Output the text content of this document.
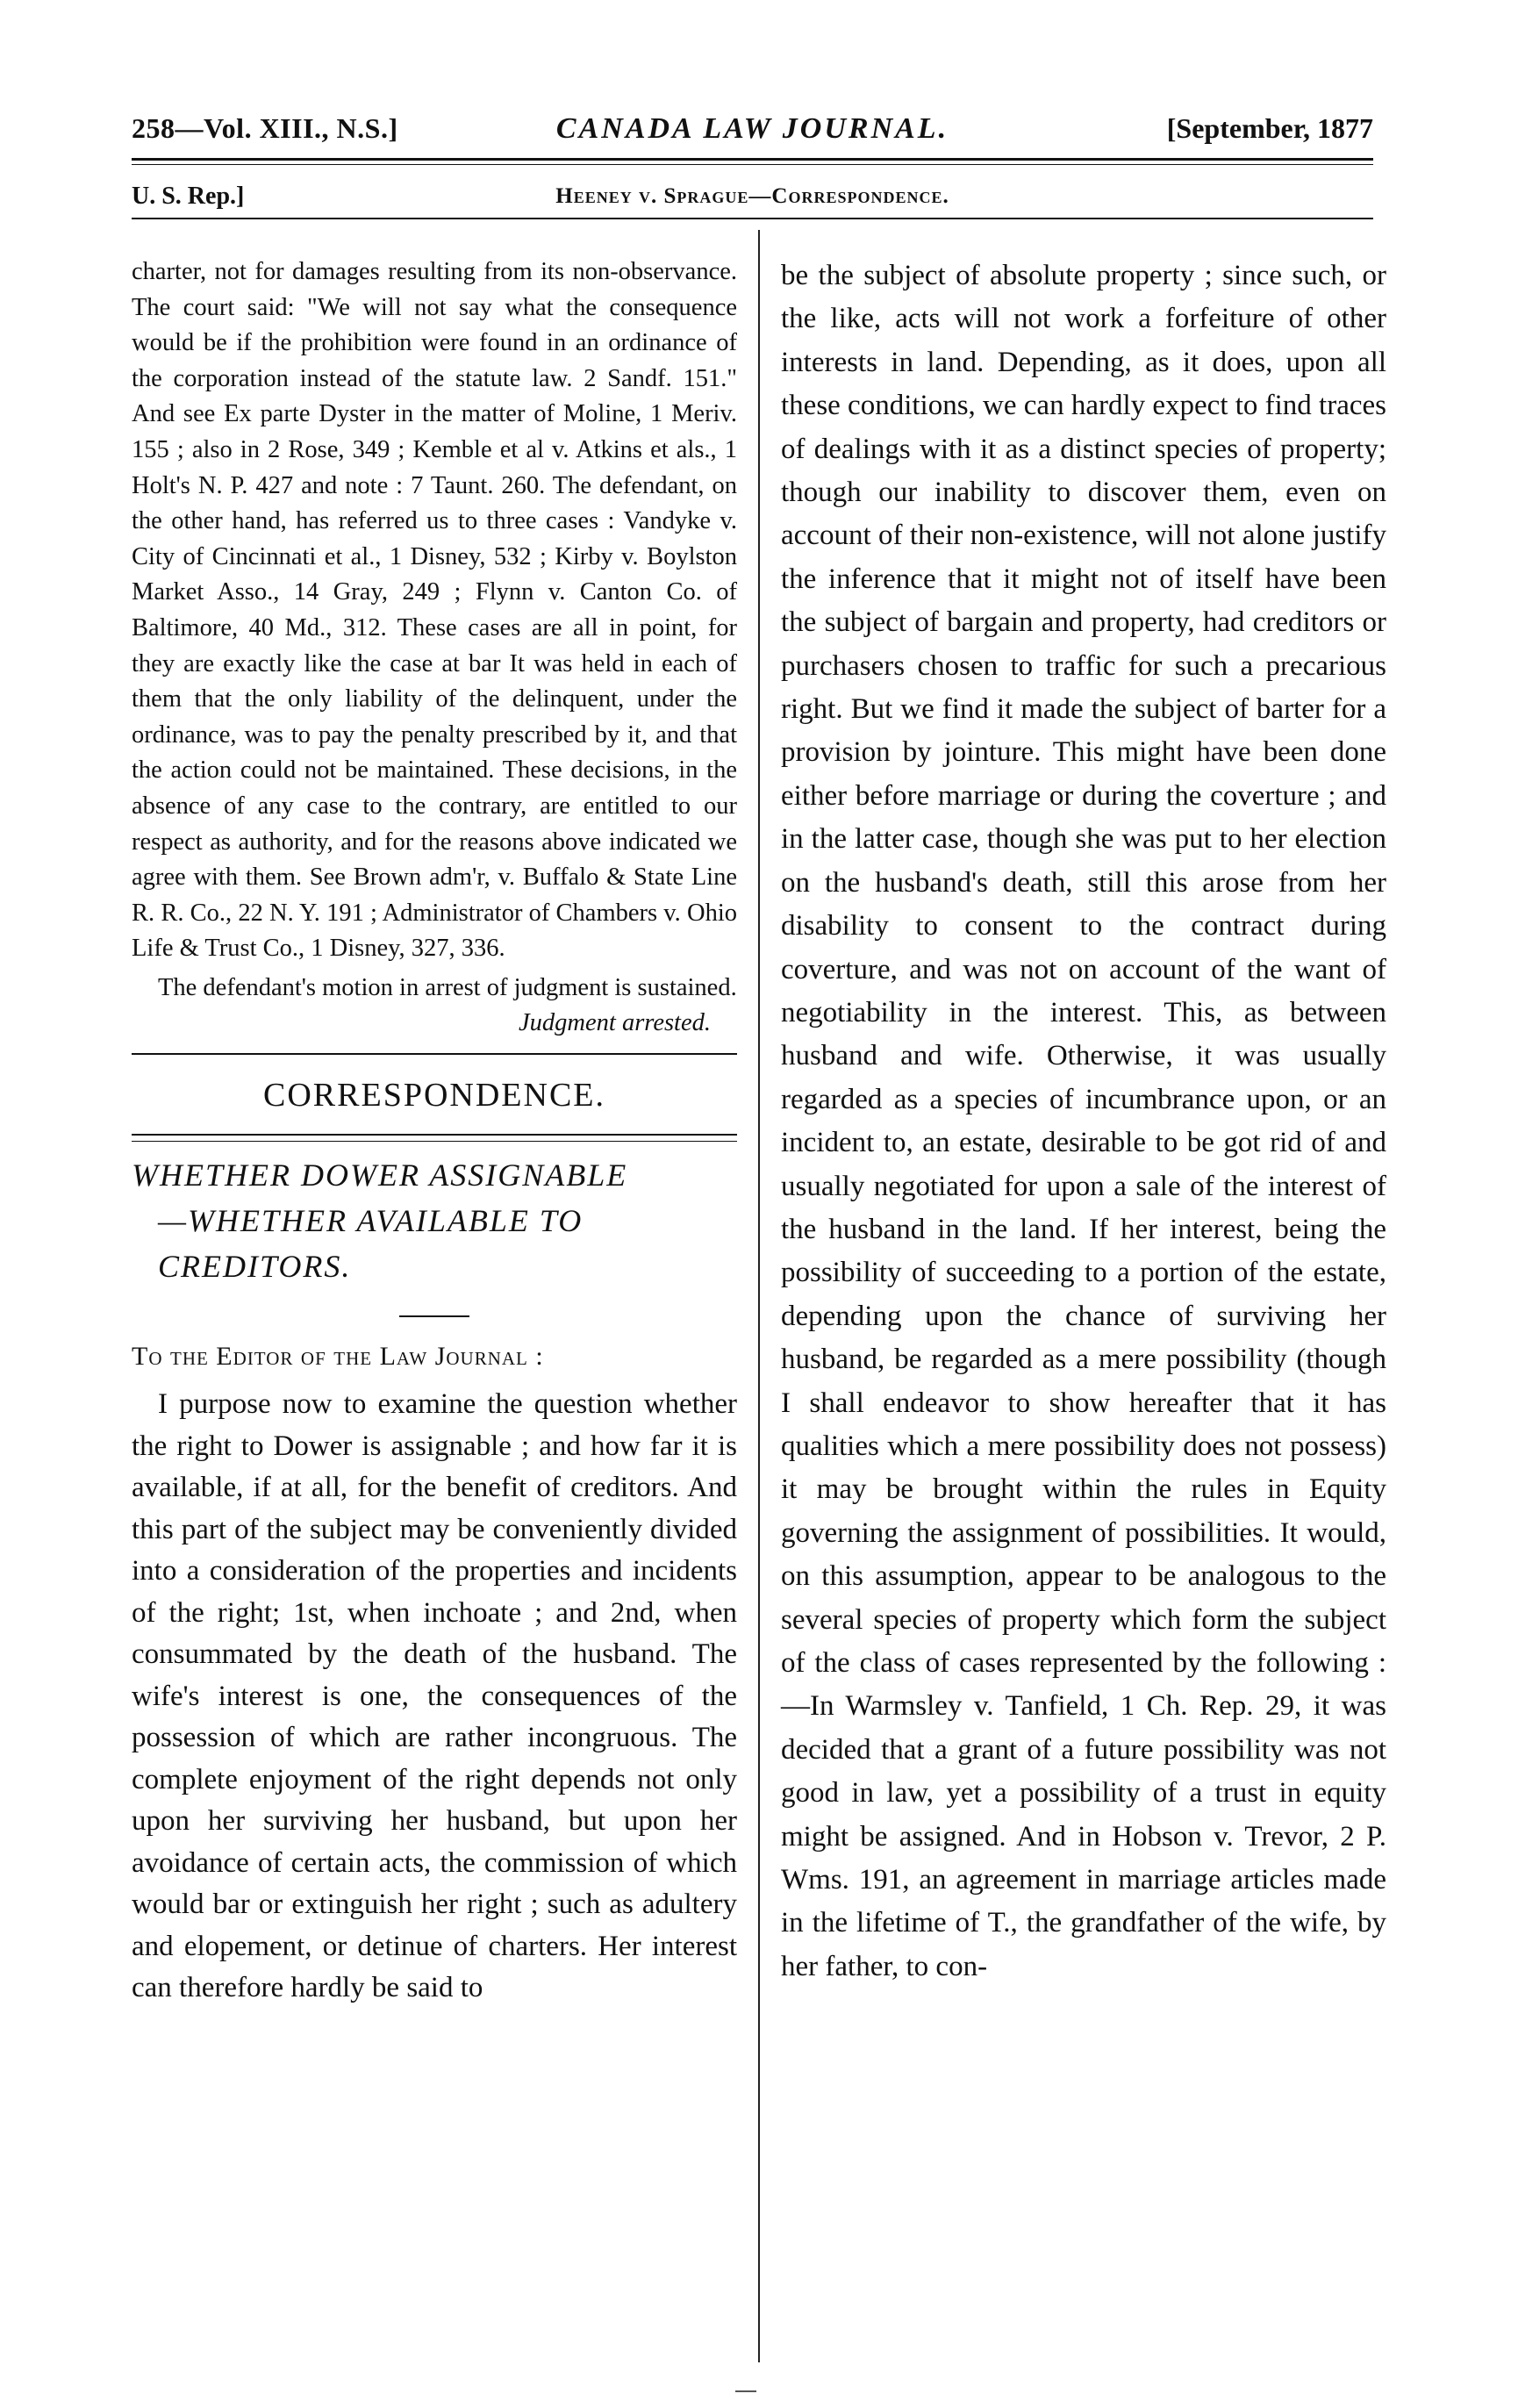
258—Vol. XIII., N.S.]	CANADA LAW JOURNAL.	[September, 1877
U. S. Rep.]	Heeney v. Sprague—Correspondence.

charter, not for damages resulting from its non-observance. The court said: "We will not say what the consequence would be if the prohibition were found in an ordinance of the corporation instead of the statute law. 2 Sandf. 151." And see Ex parte Dyster in the matter of Moline, 1 Meriv. 155 ; also in 2 Rose, 349 ; Kemble et al v. Atkins et als., 1 Holt's N. P. 427 and note : 7 Taunt. 260. The defendant, on the other hand, has referred us to three cases : Vandyke v. City of Cincinnati et al., 1 Disney, 532 ; Kirby v. Boylston Market Asso., 14 Gray, 249 ; Flynn v. Canton Co. of Baltimore, 40 Md., 312. These cases are all in point, for they are exactly like the case at bar It was held in each of them that the only liability of the delinquent, under the ordinance, was to pay the penalty prescribed by it, and that the action could not be maintained. These decisions, in the absence of any case to the contrary, are entitled to our respect as authority, and for the reasons above indicated we agree with them. See Brown adm'r, v. Buffalo & State Line R. R. Co., 22 N. Y. 191 ; Administrator of Chambers v. Ohio Life & Trust Co., 1 Disney, 327, 336.

The defendant's motion in arrest of judgment is sustained.

Judgment arrested.
CORRESPONDENCE.
WHETHER DOWER ASSIGNABLE
—WHETHER AVAILABLE TO CREDITORS.
To the Editor of the Law Journal :

I purpose now to examine the question whether the right to Dower is assignable ; and how far it is available, if at all, for the benefit of creditors. And this part of the subject may be conveniently divided into a consideration of the properties and incidents of the right; 1st, when inchoate ; and 2nd, when consummated by the death of the husband. The wife's interest is one, the consequences of the possession of which are rather incongruous. The complete enjoyment of the right depends not only upon her surviving her husband, but upon her avoidance of certain acts, the commission of which would bar or extinguish her right ; such as adultery and elopement, or detinue of charters. Her interest can therefore hardly be said to

be the subject of absolute property ; since such, or the like, acts will not work a forfeiture of other interests in land. Depending, as it does, upon all these conditions, we can hardly expect to find traces of dealings with it as a distinct species of property; though our inability to discover them, even on account of their non-existence, will not alone justify the inference that it might not of itself have been the subject of bargain and property, had creditors or purchasers chosen to traffic for such a precarious right. But we find it made the subject of barter for a provision by jointure. This might have been done either before marriage or during the coverture ; and in the latter case, though she was put to her election on the husband's death, still this arose from her disability to consent to the contract during coverture, and was not on account of the want of negotiability in the interest. This, as between husband and wife. Otherwise, it was usually regarded as a species of incumbrance upon, or an incident to, an estate, desirable to be got rid of and usually negotiated for upon a sale of the interest of the husband in the land. If her interest, being the possibility of succeeding to a portion of the estate, depending upon the chance of surviving her husband, be regarded as a mere possibility (though I shall endeavor to show hereafter that it has qualities which a mere possibility does not possess) it may be brought within the rules in Equity governing the assignment of possibilities. It would, on this assumption, appear to be analogous to the several species of property which form the subject of the class of cases represented by the following :—In Warmsley v. Tanfield, 1 Ch. Rep. 29, it was decided that a grant of a future possibility was not good in law, yet a possibility of a trust in equity might be assigned. And in Hobson v. Trevor, 2 P. Wms. 191, an agreement in marriage articles made in the lifetime of T., the grandfather of the wife, by her father, to con-
